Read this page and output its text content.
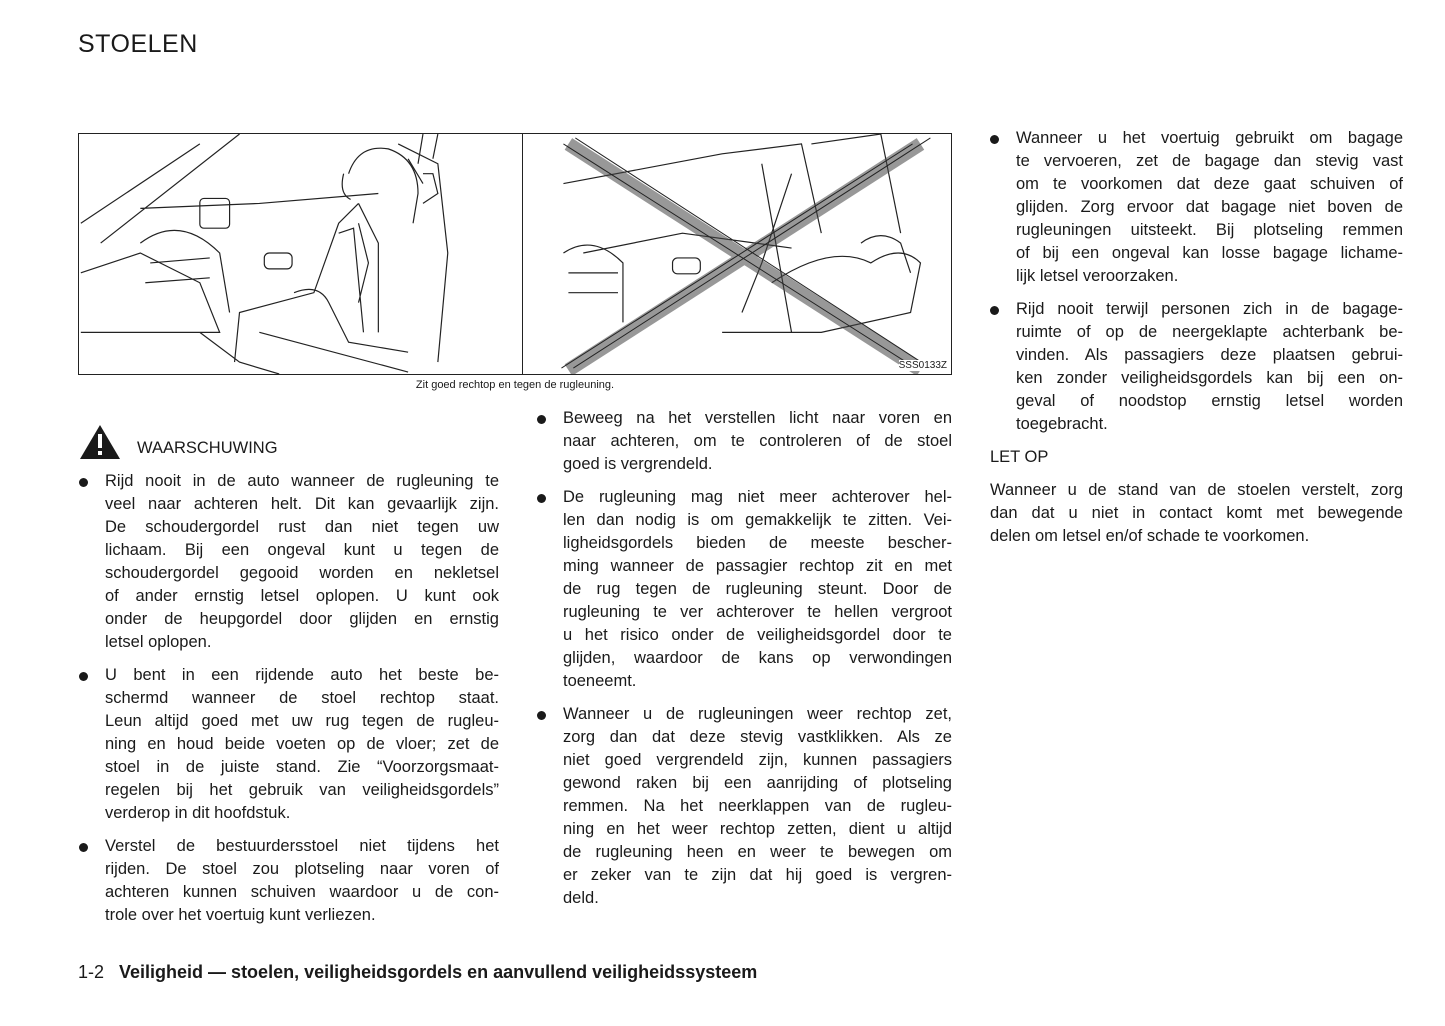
STOELEN
SSS0133Z
Zit goed rechtop en tegen de rugleuning.
WAARSCHUWING
Rijd nooit in de auto wanneer de rugleuning te
veel naar achteren helt. Dit kan gevaarlijk zijn.
De schoudergordel rust dan niet tegen uw
lichaam. Bij een ongeval kunt u tegen de
schoudergordel gegooid worden en nekletsel
of ander ernstig letsel oplopen. U kunt ook
onder de heupgordel door glijden en ernstig
letsel oplopen.
U bent in een rijdende auto het beste be-
schermd wanneer de stoel rechtop staat.
Leun altijd goed met uw rug tegen de rugleu-
ning en houd beide voeten op de vloer; zet de
stoel in de juiste stand. Zie “Voorzorgsmaat-
regelen bij het gebruik van veiligheidsgordels”
verderop in dit hoofdstuk.
Verstel de bestuurdersstoel niet tijdens het
rijden. De stoel zou plotseling naar voren of
achteren kunnen schuiven waardoor u de con-
trole over het voertuig kunt verliezen.
Beweeg na het verstellen licht naar voren en
naar achteren, om te controleren of de stoel
goed is vergrendeld.
De rugleuning mag niet meer achterover hel-
len dan nodig is om gemakkelijk te zitten. Vei-
ligheidsgordels bieden de meeste bescher-
ming wanneer de passagier rechtop zit en met
de rug tegen de rugleuning steunt. Door de
rugleuning te ver achterover te hellen vergroot
u het risico onder de veiligheidsgordel door te
glijden, waardoor de kans op verwondingen
toeneemt.
Wanneer u de rugleuningen weer rechtop zet,
zorg dan dat deze stevig vastklikken. Als ze
niet goed vergrendeld zijn, kunnen passagiers
gewond raken bij een aanrijding of plotseling
remmen. Na het neerklappen van de rugleu-
ning en het weer rechtop zetten, dient u altijd
de rugleuning heen en weer te bewegen om
er zeker van te zijn dat hij goed is vergren-
deld.
Wanneer u het voertuig gebruikt om bagage
te vervoeren, zet de bagage dan stevig vast
om te voorkomen dat deze gaat schuiven of
glijden. Zorg ervoor dat bagage niet boven de
rugleuningen uitsteekt. Bij plotseling remmen
of bij een ongeval kan losse bagage lichame-
lijk letsel veroorzaken.
Rijd nooit terwijl personen zich in de bagage-
ruimte of op de neergeklapte achterbank be-
vinden. Als passagiers deze plaatsen gebrui-
ken zonder veiligheidsgordels kan bij een on-
geval of noodstop ernstig letsel worden
toegebracht.
LET OP
Wanneer u de stand van de stoelen verstelt, zorg
dan dat u niet in contact komt met bewegende
delen om letsel en/of schade te voorkomen.
1-2 Veiligheid — stoelen, veiligheidsgordels en aanvullend veiligheidssysteem
